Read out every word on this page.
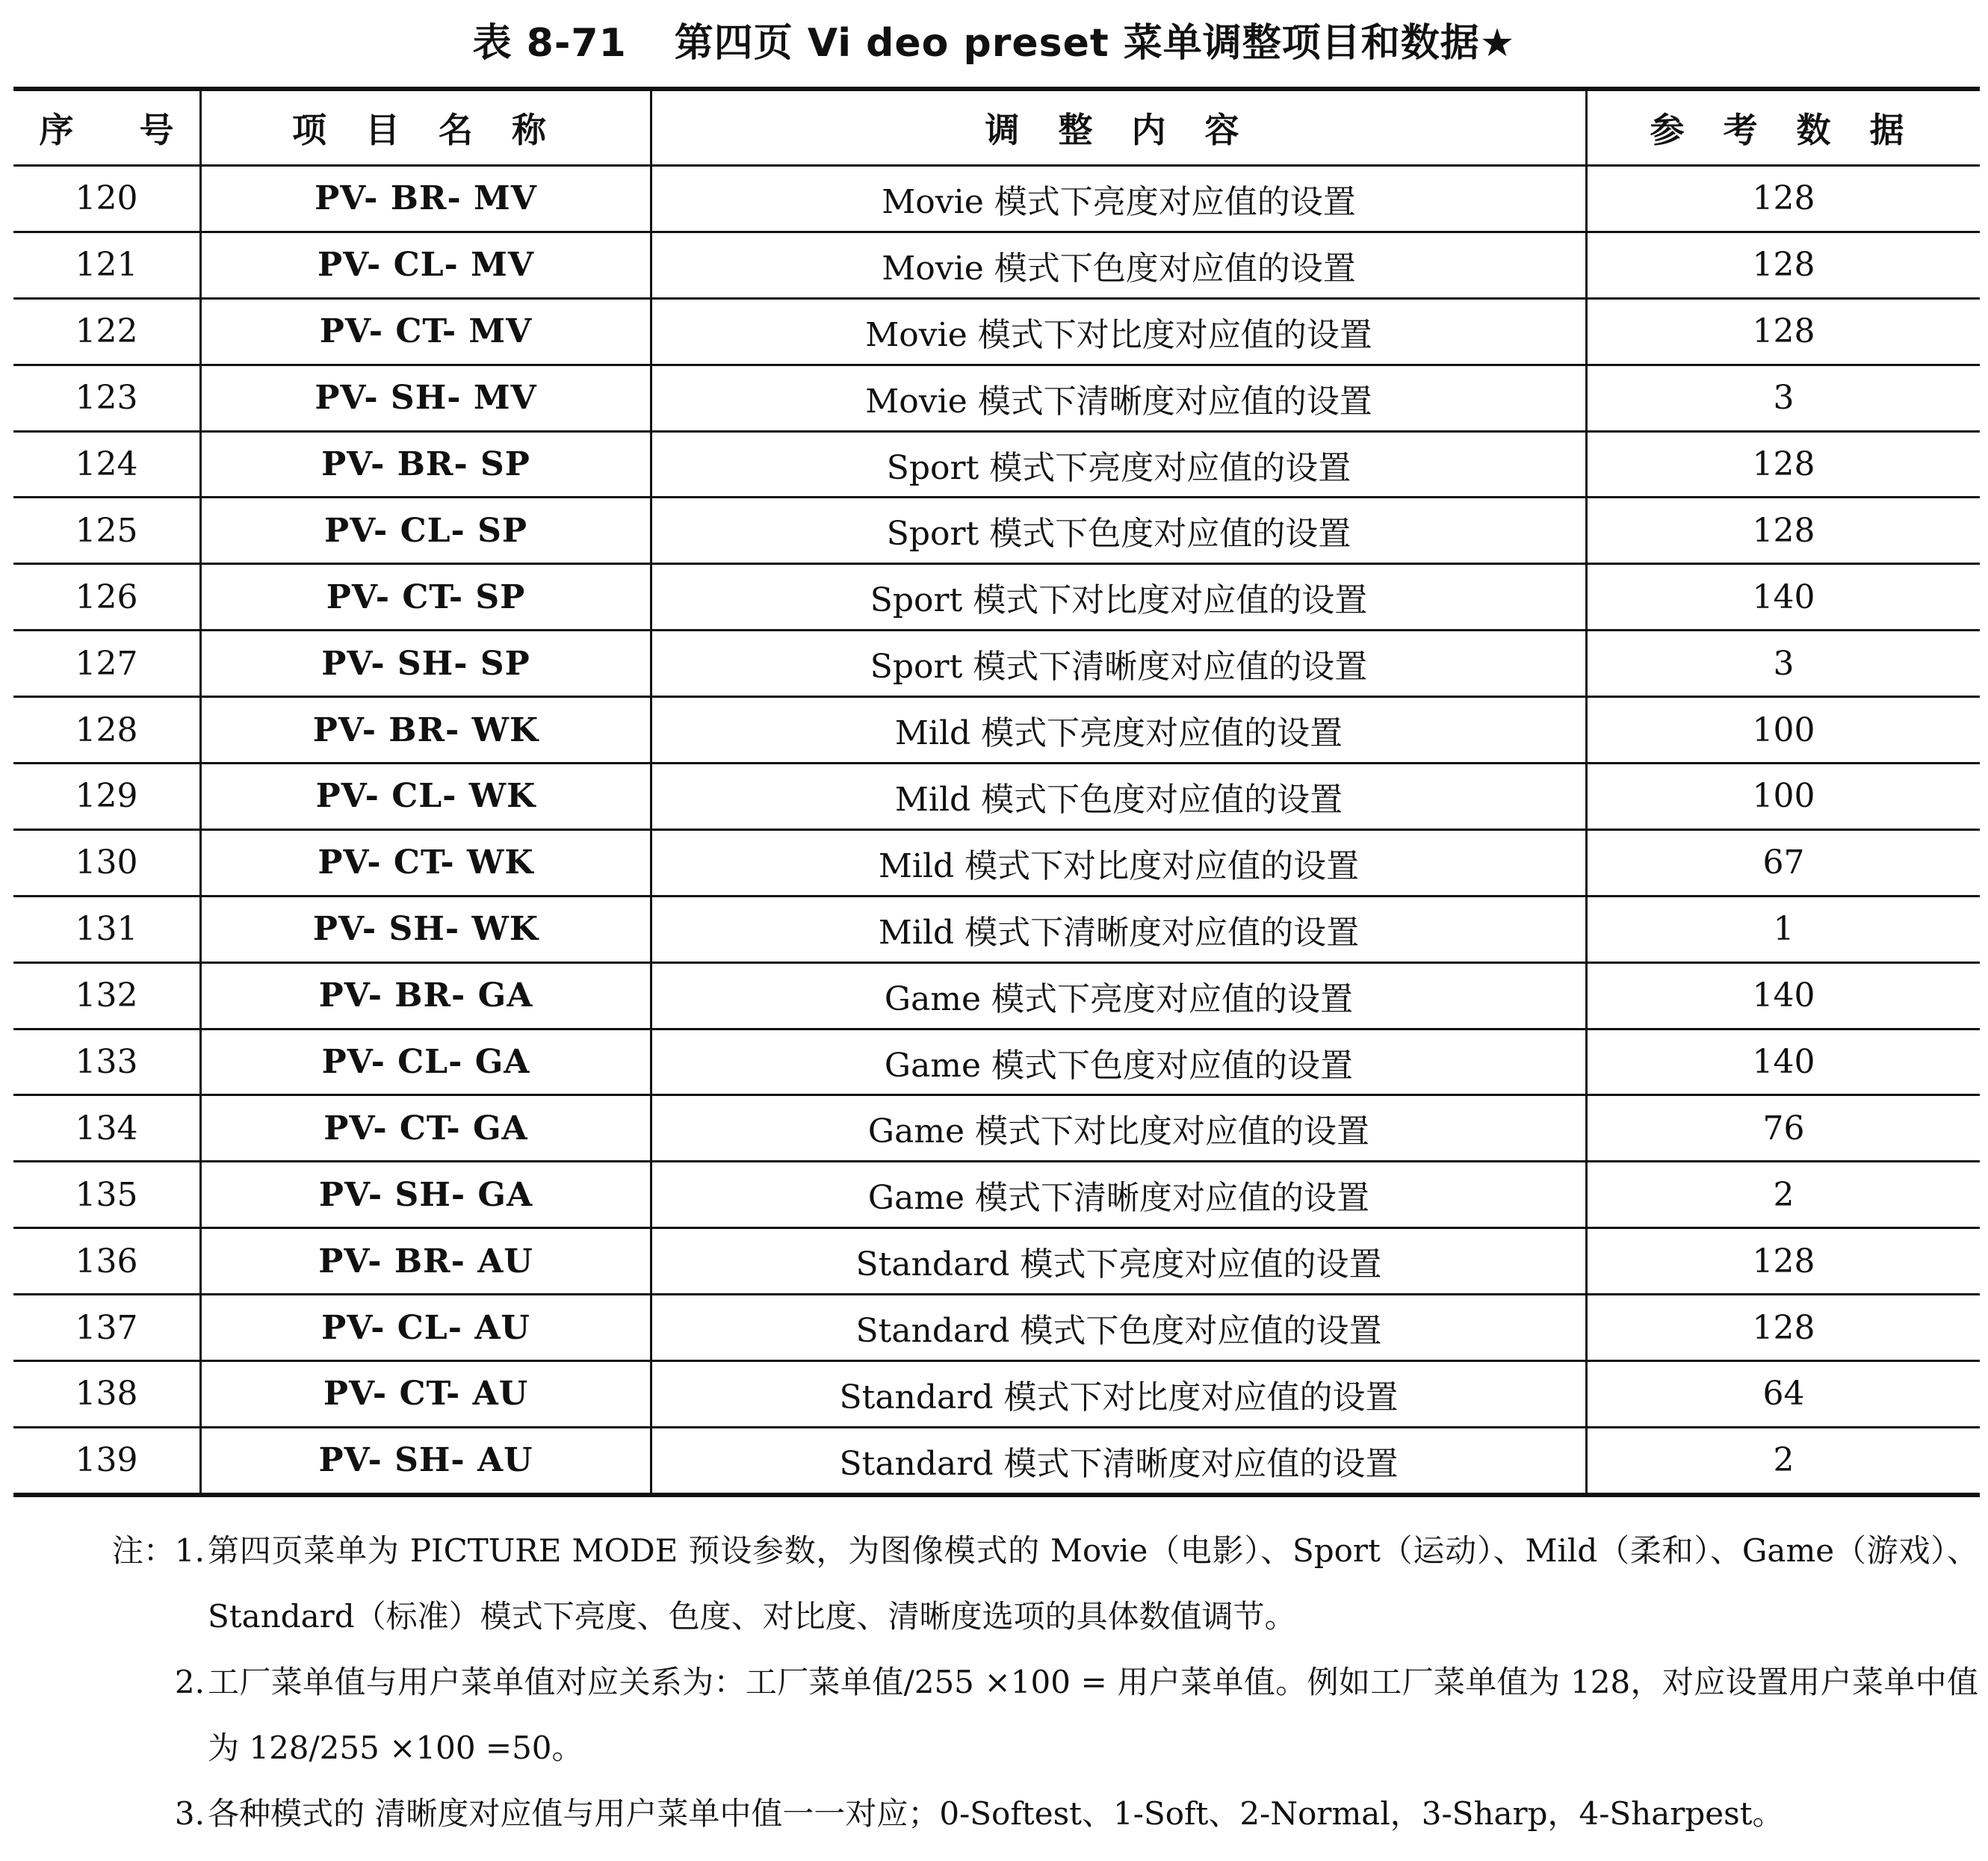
表 8-71 第四页 Vi deo preset 菜单调整项目和数据★
序　号	项 目 名 称	调 整 内 容	参 考 数 据
120	PV- BR- MV	Movie 模式下亮度对应值的设置	128
121	PV- CL- MV	Movie 模式下色度对应值的设置	128
122	PV- CT- MV	Movie 模式下对比度对应值的设置	128
123	PV- SH- MV	Movie 模式下清晰度对应值的设置	3
124	PV- BR- SP	Sport 模式下亮度对应值的设置	128
125	PV- CL- SP	Sport 模式下色度对应值的设置	128
126	PV- CT- SP	Sport 模式下对比度对应值的设置	140
127	PV- SH- SP	Sport 模式下清晰度对应值的设置	3
128	PV- BR- WK	Mild 模式下亮度对应值的设置	100
129	PV- CL- WK	Mild 模式下色度对应值的设置	100
130	PV- CT- WK	Mild 模式下对比度对应值的设置	67
131	PV- SH- WK	Mild 模式下清晰度对应值的设置	1
132	PV- BR- GA	Game 模式下亮度对应值的设置	140
133	PV- CL- GA	Game 模式下色度对应值的设置	140
134	PV- CT- GA	Game 模式下对比度对应值的设置	76
135	PV- SH- GA	Game 模式下清晰度对应值的设置	2
136	PV- BR- AU	Standard 模式下亮度对应值的设置	128
137	PV- CL- AU	Standard 模式下色度对应值的设置	128
138	PV- CT- AU	Standard 模式下对比度对应值的设置	64
139	PV- SH- AU	Standard 模式下清晰度对应值的设置	2
注：1. 第四页菜单为 PICTURE MODE 预设参数，为图像模式的 Movie（电影）、Sport（运动）、Mild（柔和）、Game（游戏）、Standard（标准）模式下亮度、色度、对比度、清晰度选项的具体数值调节。
2. 工厂菜单值与用户菜单值对应关系为：工厂菜单值/255 ×100 = 用户菜单值。例如工厂菜单值为 128，对应设置用户菜单中值为 128/255 ×100 =50。
3. 各种模式的 清晰度对应值与用户菜单中值一一对应；0-Softest、1-Soft、2-Normal，3-Sharp，4-Sharpest。
